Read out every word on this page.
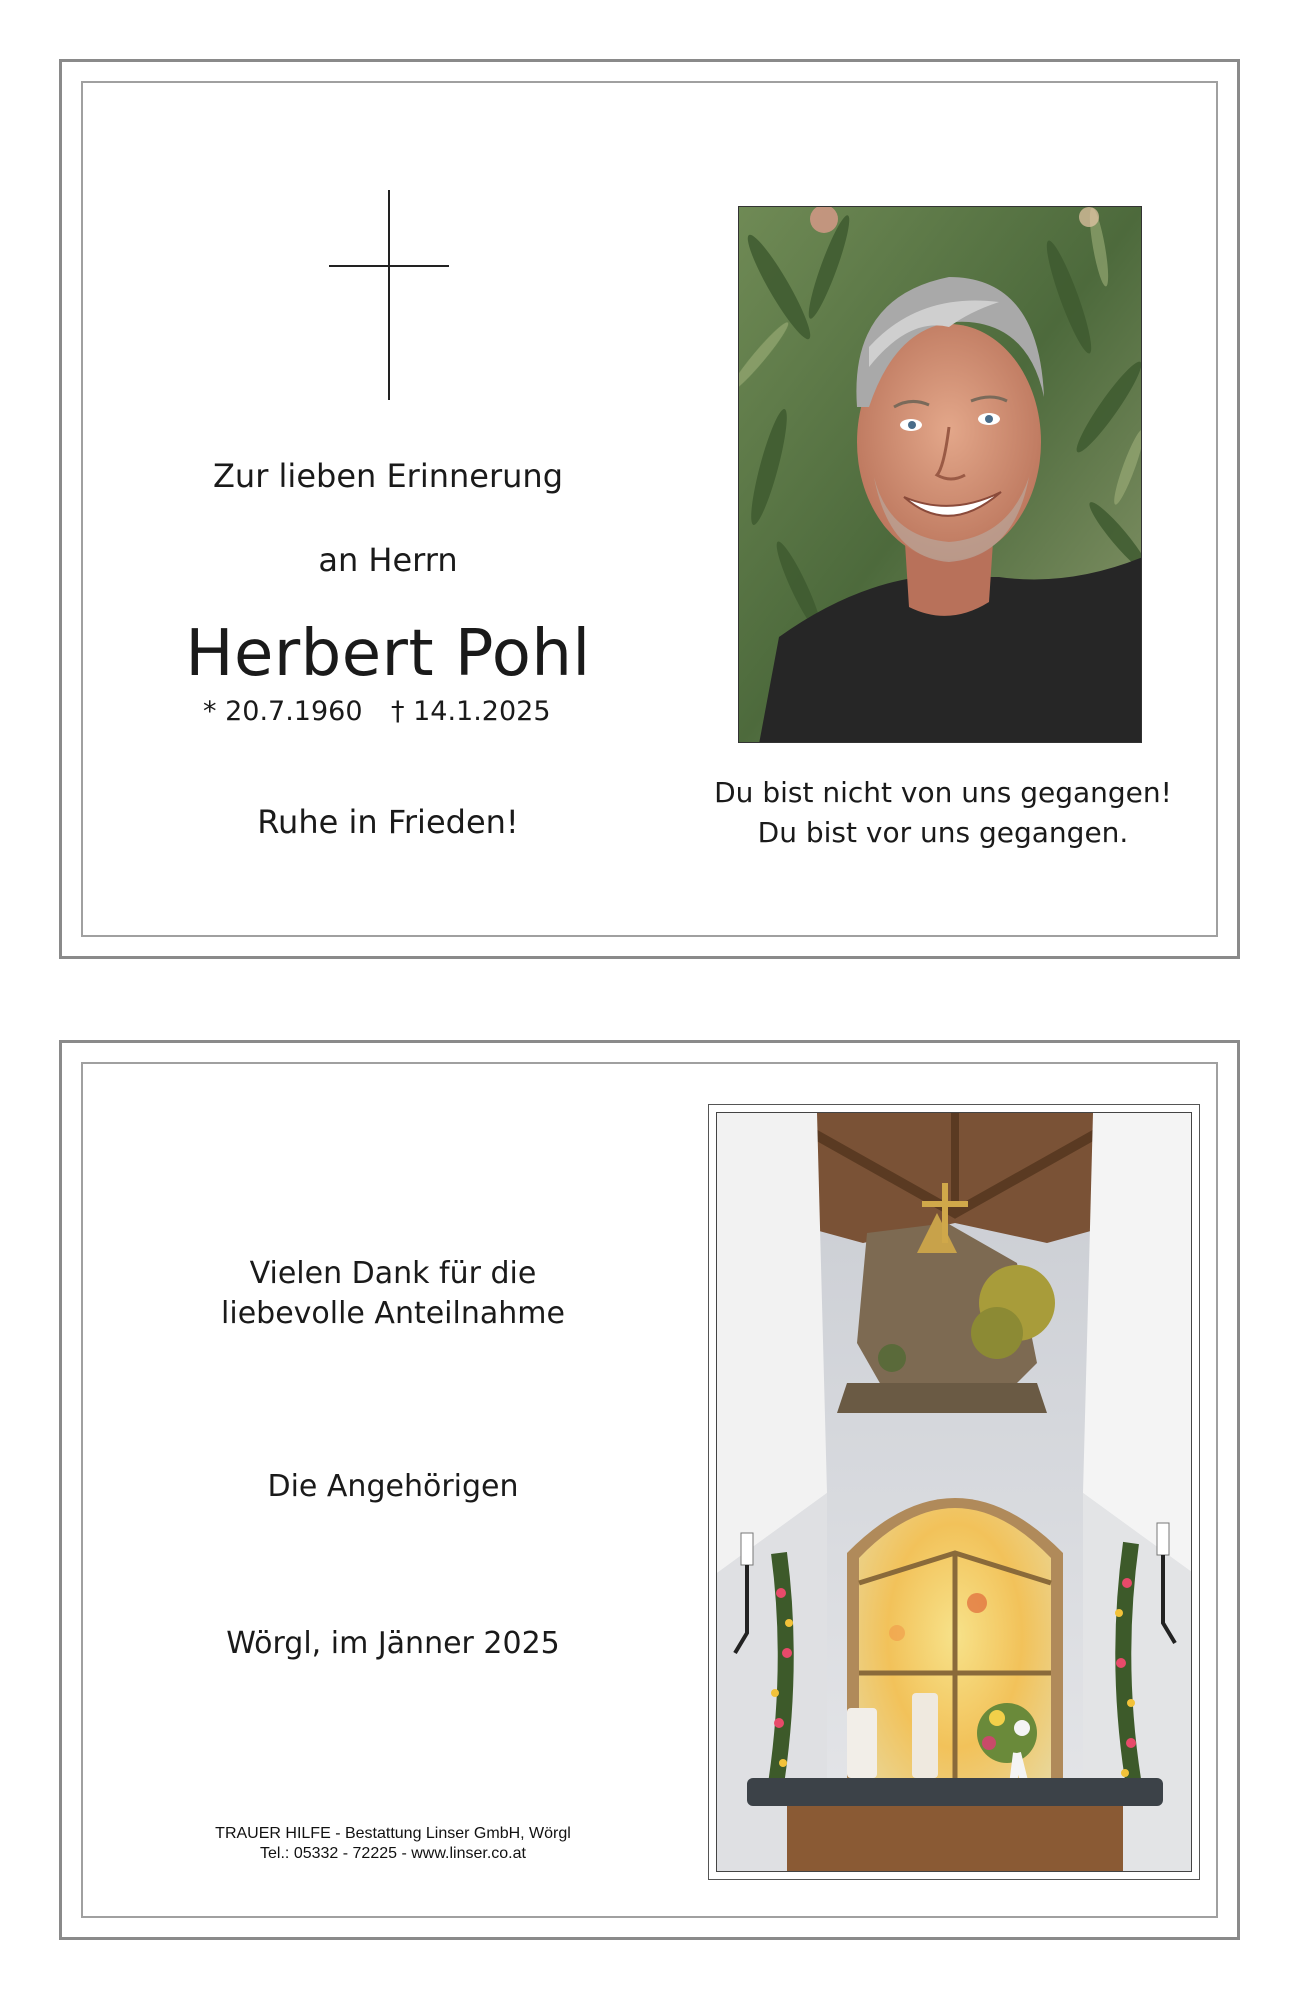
Zur lieben Erinnerung
an Herrn
Herbert Pohl
* 20.7.1960 † 14.1.2025
Ruhe in Frieden!
Du bist nicht von uns gegangen!
Du bist vor uns gegangen.
Vielen Dank für die
liebevolle Anteilnahme
Die Angehörigen
Wörgl, im Jänner 2025
TRAUER HILFE - Bestattung Linser GmbH, Wörgl
Tel.: 05332 - 72225 - www.linser.co.at
